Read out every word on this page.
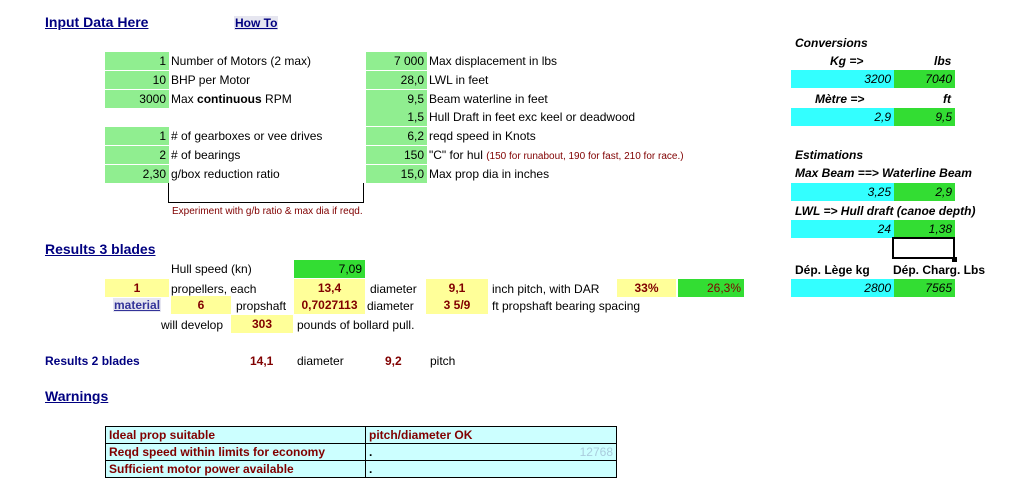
Input Data Here	How To
1 Number of Motors (2 max)
10 BHP per Motor
3000 Max continuous RPM
1 # of gearboxes or vee drives
2 # of bearings
2,30 g/box reduction ratio
Experiment with g/b ratio & max dia if reqd.
7 000 Max displacement in lbs
28,0 LWL in feet
9,5 Beam waterline in feet
1,5 Hull Draft in feet exc keel or deadwood
6,2 reqd speed in Knots
150 "C" for hul (150 for runabout, 190 for fast, 210 for race.)
15,0 Max prop dia in inches
Conversions
Kg =>	lbs
3200	7040
Mètre =>	ft
2,9	9,5
Estimations
Max Beam ==> Waterline Beam
3,25	2,9
LWL => Hull draft (canoe depth)
24	1,38
Dép. Lège kg Dép. Charg. Lbs
2800	7565
Results 3 blades
Hull speed (kn)	7,09
1	propellers, each	13,4	diameter	9,1	inch pitch, with DAR	33%	26,3%
material	6	propshaft	0,7027113 diameter	3 5/9	ft propshaft bearing spacing
will develop	303	pounds of bollard pull.
Results 2 blades	14,1 diameter	9,2 pitch
Warnings
Ideal prop suitable	pitch/diameter OK
Reqd speed within limits for economy	. 12768

Sufficient motor power available	.
